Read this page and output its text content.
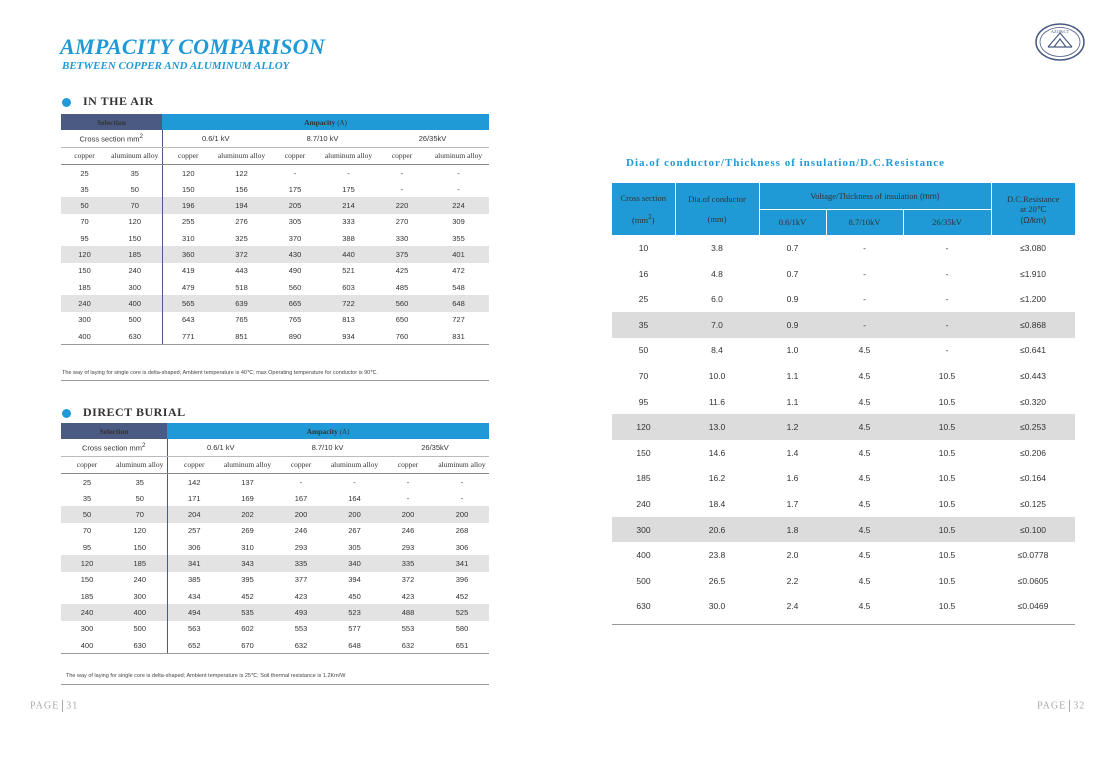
AMPACITY COMPARISON
BETWEEN COPPER AND ALUMINUM ALLOY
AZO&CT
IN THE AIR
Selection		Ampacity (A)					
Cross section $mm^2$		0.6/1 kV		8.7/10 kV		26/35kV	
copper	aluminum alloy	copper	aluminum alloy	copper	aluminum alloy	copper	aluminum alloy
25	35	120	122	-	-	-	-
35	50	150	156	175	175	-	-
50	70	196	194	205	214	220	224
70	120	255	276	305	333	270	309
95	150	310	325	370	388	330	355
120	185	360	372	430	440	375	401
150	240	419	443	490	521	425	472
185	300	479	518	560	603	485	548
240	400	565	639	665	722	560	648
300	500	643	765	765	813	650	727
400	630	771	851	890	934	760	831
The way of laying for single core is delta-shaped; Ambient temperature is 40℃; max Operating temperature for conductor is 90℃.
DIRECT BURIAL
Selection		Ampacity (A)					
Cross section $mm^2$		0.6/1 kV		8.7/10 kV		26/35kV	
copper	aluminum alloy	copper	aluminum alloy	copper	aluminum alloy	copper	aluminum alloy
25	35	142	137	-	-	-	-
35	50	171	169	167	164	-	-
50	70	204	202	200	200	200	200
70	120	257	269	246	267	246	268
95	150	306	310	293	305	293	306
120	185	341	343	335	340	335	341
150	240	385	395	377	394	372	396
185	300	434	452	423	450	423	452
240	400	494	535	493	523	488	525
300	500	563	602	553	577	553	580
400	630	652	670	632	648	632	651
The way of laying for single core is delta-shaped; Ambient temperature is 25℃; Soil thermal resistance is 1.2Km/W
Dia.of conductor/Thickness of insulation/D.C.Resistance
Cross section

$(mm^2)$	Dia.of conductor

(mm)	Voltage/Thickness of insulation (mm)			D.C.Resistance
at 20℃
(Ω/km)
		0.6/1kV	8.7/10kV	26/35kV	
10	3.8	0.7	-	-	≤3.080
16	4.8	0.7	-	-	≤1.910
25	6.0	0.9	-	-	≤1.200
35	7.0	0.9	-	-	≤0.868
50	8.4	1.0	4.5	-	≤0.641
70	10.0	1.1	4.5	10.5	≤0.443
95	11.6	1.1	4.5	10.5	≤0.320
120	13.0	1.2	4.5	10.5	≤0.253
150	14.6	1.4	4.5	10.5	≤0.206
185	16.2	1.6	4.5	10.5	≤0.164
240	18.4	1.7	4.5	10.5	≤0.125
300	20.6	1.8	4.5	10.5	≤0.100
400	23.8	2.0	4.5	10.5	≤0.0778
500	26.5	2.2	4.5	10.5	≤0.0605
630	30.0	2.4	4.5	10.5	≤0.0469
PAGE 31	PAGE 32
